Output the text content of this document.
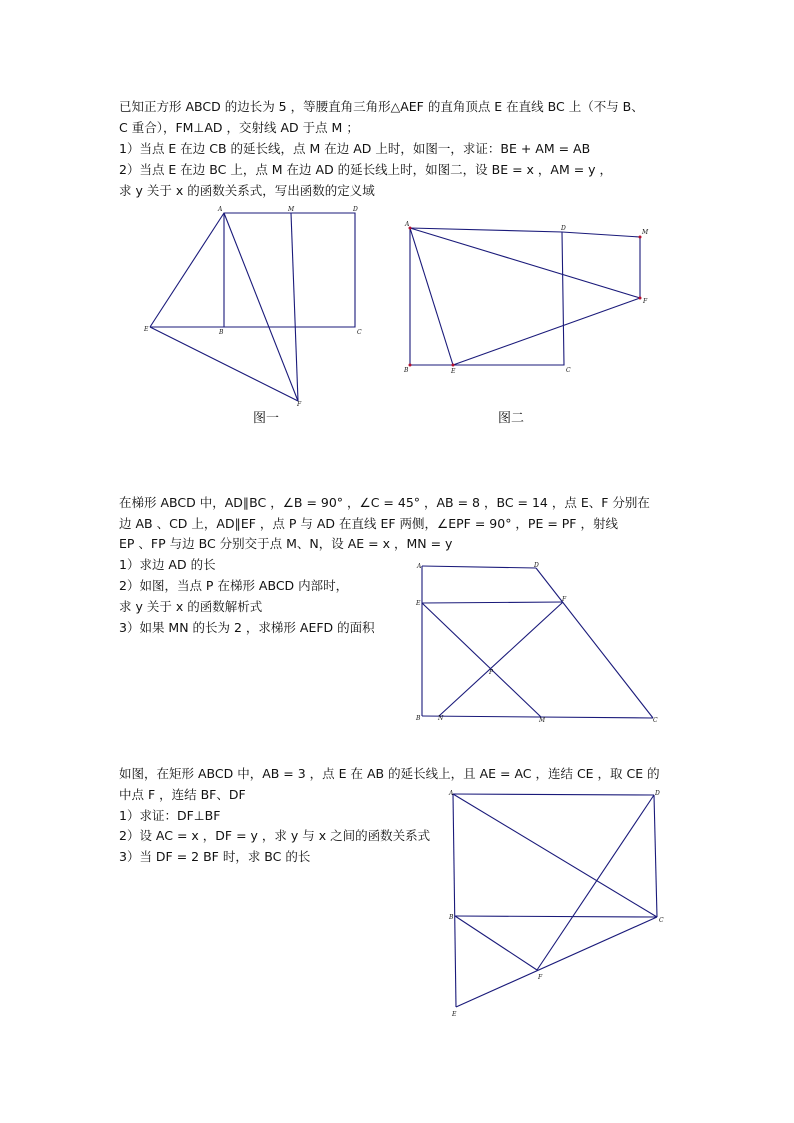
已知正方形 ABCD 的边长为 5 ，等腰直角三角形△AEF 的直角顶点 E 在直线 BC 上（不与 B、
C 重合），FM⊥AD ，交射线 AD 于点 M ；
1）当点 E 在边 CB 的延长线，点 M 在边 AD 上时，如图一，求证：BE + AM = AB
2）当点 E 在边 BC 上，点 M 在边 AD 的延长线上时，如图二，设 BE = x ，AM = y ，
求 y 关于 x 的函数关系式，写出函数的定义域
A	M	D
E	B	C
F
图一
A
D
M
F
B	E	C
图二
在梯形 ABCD 中，AD∥BC ，∠B = 90° ，∠C = 45° ，AB = 8 ，BC = 14 ，点 E、F 分别在
边 AB 、CD 上，AD∥EF ，点 P 与 AD 在直线 EF 两侧，∠EPF = 90° ，PE = PF ，射线
EP 、FP 与边 BC 分别交于点 M、N，设 AE = x ，MN = y
1）求边 AD 的长
2）如图，当点 P 在梯形 ABCD 内部时，
求 y 关于 x 的函数解析式
3）如果 MN 的长为 2 ，求梯形 AEFD 的面积
A	D
E
F
P
B	N	M	C
如图，在矩形 ABCD 中，AB = 3 ，点 E 在 AB 的延长线上，且 AE = AC ，连结 CE ，取 CE 的
中点 F ，连结 BF、DF
1）求证：DF⊥BF
2）设 AC = x ，DF = y ，求 y 与 x 之间的函数关系式
3）当 DF = 2 BF 时，求 BC 的长
A	D
B	C
F
E
